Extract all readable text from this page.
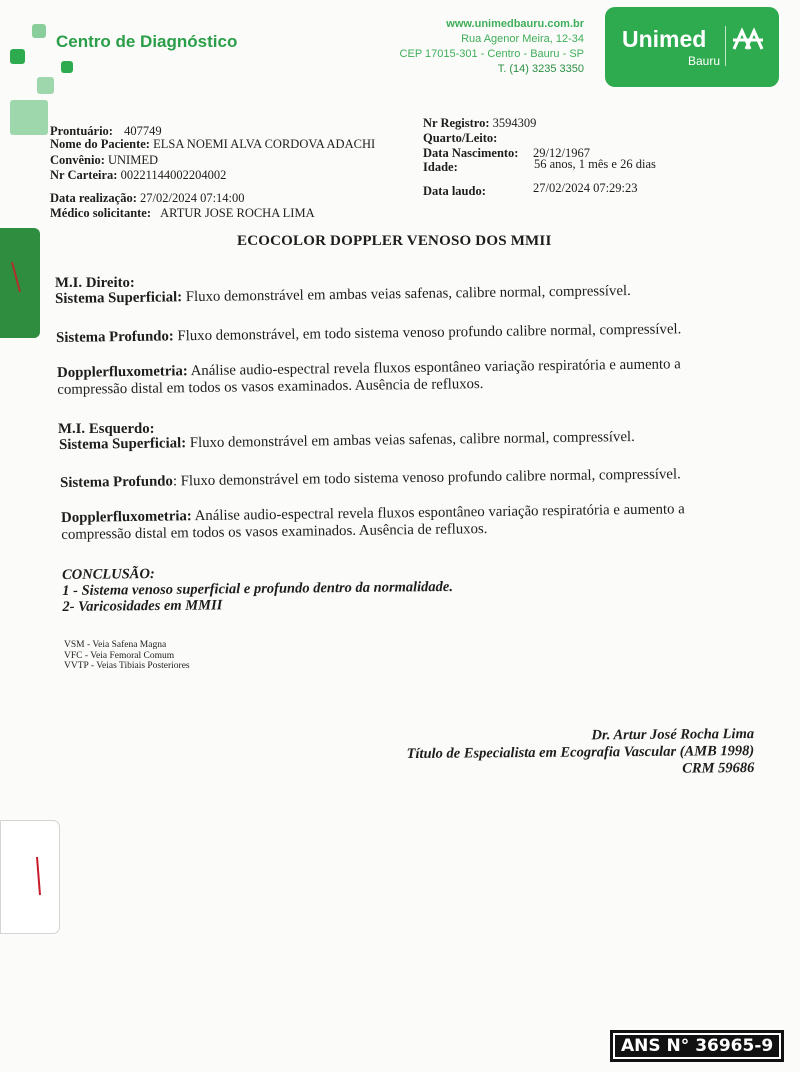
Centro de Diagnóstico
www.unimedbauru.com.br
Rua Agenor Meira, 12-34
CEP 17015-301 - Centro - Bauru - SP
T. (14) 3235 3350
Unimed
Bauru
Prontuário: 407749
Nome do Paciente: ELSA NOEMI ALVA CORDOVA ADACHI
Convênio: UNIMED
Nr Carteira: 00221144002204002
Data realização: 27/02/2024 07:14:00
Médico solicitante: ARTUR JOSE ROCHA LIMA
Nr Registro: 3594309
Quarto/Leito:
Data Nascimento: 29/12/1967
Idade:	56 anos, 1 mês e 26 dias
Data laudo:	27/02/2024 07:29:23
ECOCOLOR DOPPLER VENOSO DOS MMII
M.I. Direito:
Sistema Superficial: Fluxo demonstrável em ambas veias safenas, calibre normal, compressível.
Sistema Profundo: Fluxo demonstrável, em todo sistema venoso profundo calibre normal, compressível.
Dopplerfluxometria: Análise audio-espectral revela fluxos espontâneo variação respiratória e aumento a
compressão distal em todos os vasos examinados. Ausência de refluxos.
M.I. Esquerdo:
Sistema Superficial: Fluxo demonstrável em ambas veias safenas, calibre normal, compressível.
Sistema Profundo: Fluxo demonstrável em todo sistema venoso profundo calibre normal, compressível.
Dopplerfluxometria: Análise audio-espectral revela fluxos espontâneo variação respiratória e aumento a
compressão distal em todos os vasos examinados. Ausência de refluxos.
CONCLUSÃO:
1 - Sistema venoso superficial e profundo dentro da normalidade.
2- Varicosidades em MMII
VSM - Veia Safena Magna
VFC - Veia Femoral Comum
VVTP - Veias Tibiais Posteriores
Dr. Artur José Rocha Lima
Título de Especialista em Ecografia Vascular (AMB 1998)
CRM 59686
ANS N° 36965-9
